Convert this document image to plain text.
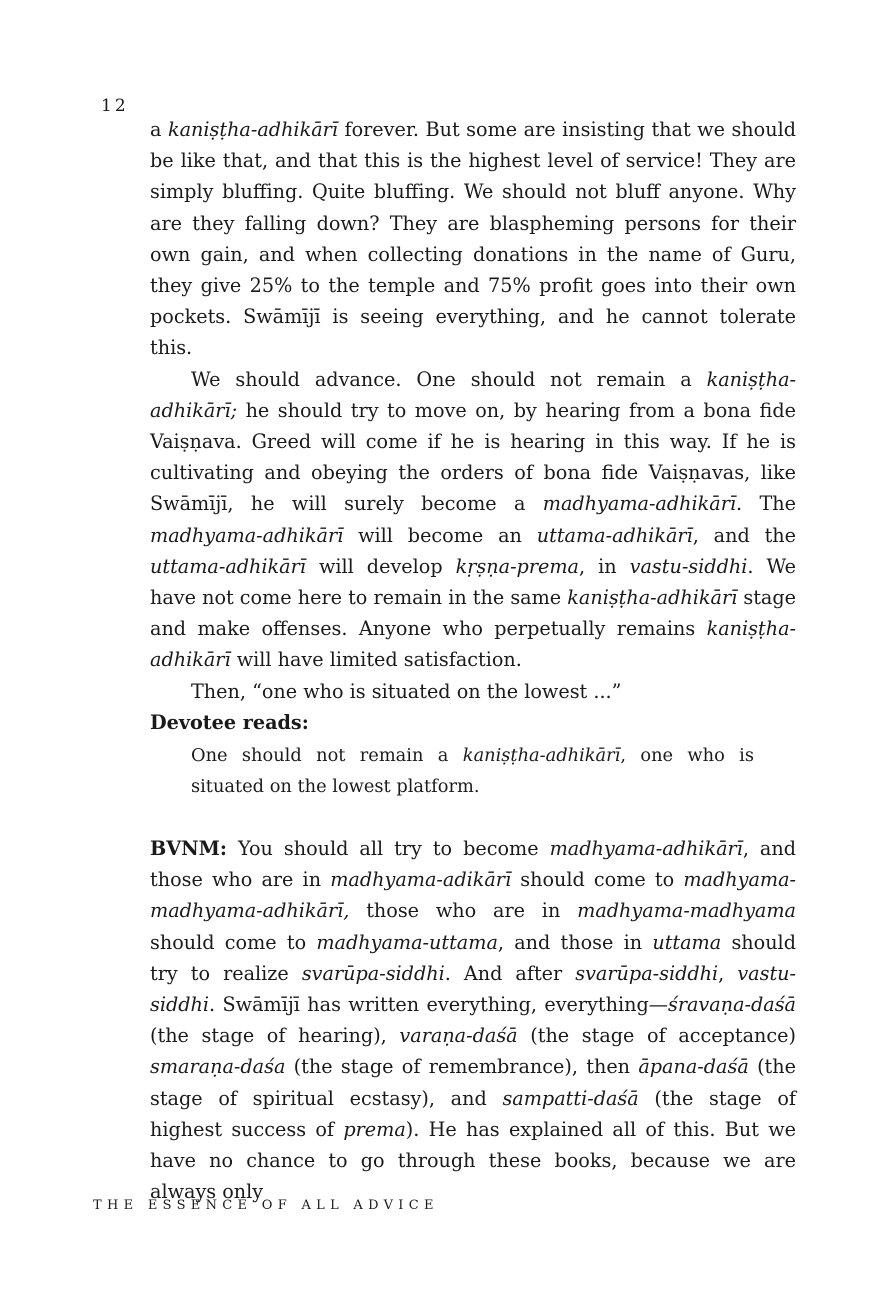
12

a kaniṣṭha-adhikārī forever. But some are insisting that we should be like that, and that this is the highest level of service! They are simply bluffing. Quite bluffing. We should not bluff anyone. Why are they falling down? They are blaspheming persons for their own gain, and when collecting donations in the name of Guru, they give 25% to the temple and 75% profit goes into their own pockets. Swāmījī is seeing everything, and he cannot tolerate this.

We should advance. One should not remain a kaniṣṭha-adhikārī; he should try to move on, by hearing from a bona fide Vaiṣṇava. Greed will come if he is hearing in this way. If he is cultivating and obeying the orders of bona fide Vaiṣṇavas, like Swāmījī, he will surely become a madhyama-adhikārī. The madhyama-adhikārī will become an uttama-adhikārī, and the uttama-adhikārī will develop kṛṣṇa-prema, in vastu-siddhi. We have not come here to remain in the same kaniṣṭha-adhikārī stage and make offenses. Anyone who perpetually remains kaniṣṭha-adhikārī will have limited satisfaction.

Then, “one who is situated on the lowest ...”

Devotee reads:

One should not remain a kaniṣṭha-adhikārī, one who is situated on the lowest platform.

BVNM: You should all try to become madhyama-adhikārī, and those who are in madhyama-adikārī should come to madhyama-madhyama-adhikārī, those who are in madhyama-madhyama should come to madhyama-uttama, and those in uttama should try to realize svarūpa-siddhi. And after svarūpa-siddhi, vastu-siddhi. Swāmījī has written everything, everything—śravaṇa-daśā (the stage of hearing), varaṇa-daśā (the stage of acceptance) smaraṇa-daśa (the stage of remembrance), then āpana-daśā (the stage of spiritual ecstasy), and sampatti-daśā (the stage of highest success of prema). He has explained all of this. But we have no chance to go through these books, because we are always only

THE ESSENCE OF ALL ADVICE
